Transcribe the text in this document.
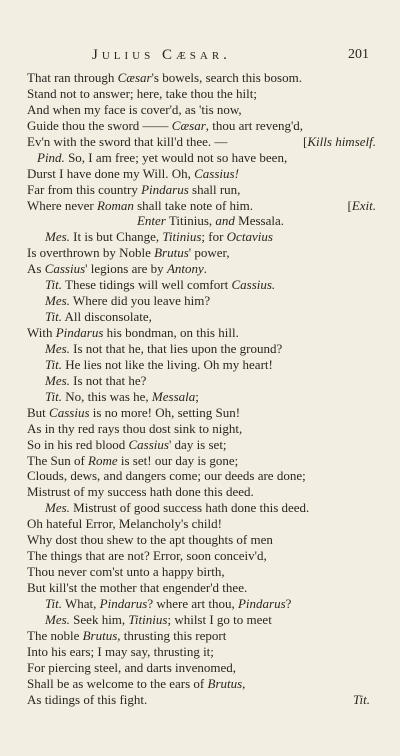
Julius Cæsar.	201
That ran through Cæsar's bowels, search this bosom.
Stand not to answer; here, take thou the hilt;
And when my face is cover'd, as 'tis now,
Guide thou the sword —— Cæsar, thou art reveng'd,
Ev'n with the sword that kill'd thee. —	[Kills himself.
Pind. So, I am free; yet would not so have been,
Durst I have done my Will. Oh, Cassius!
Far from this country Pindarus shall run,
Where never Roman shall take note of him.	[Exit.
Enter Titinius, and Messala.
Mes. It is but Change, Titinius; for Octavius
Is overthrown by Noble Brutus' power,
As Cassius' legions are by Antony.
Tit. These tidings will well comfort Cassius.
Mes. Where did you leave him?
Tit. All disconsolate,
With Pindarus his bondman, on this hill.
Mes. Is not that he, that lies upon the ground?
Tit. He lies not like the living. Oh my heart!
Mes. Is not that he?
Tit. No, this was he, Messala;
But Cassius is no more! Oh, setting Sun!
As in thy red rays thou dost sink to night,
So in his red blood Cassius' day is set;
The Sun of Rome is set! our day is gone;
Clouds, dews, and dangers come; our deeds are done;
Mistrust of my success hath done this deed.
Mes. Mistrust of good success hath done this deed.
Oh hateful Error, Melancholy's child!
Why dost thou shew to the apt thoughts of men
The things that are not? Error, soon conceiv'd,
Thou never com'st unto a happy birth,
But kill'st the mother that engender'd thee.
Tit. What, Pindarus? where art thou, Pindarus?
Mes. Seek him, Titinius; whilst I go to meet
The noble Brutus, thrusting this report
Into his ears; I may say, thrusting it;
For piercing steel, and darts invenomed,
Shall be as welcome to the ears of Brutus,
As tidings of this fight.	Tit.
